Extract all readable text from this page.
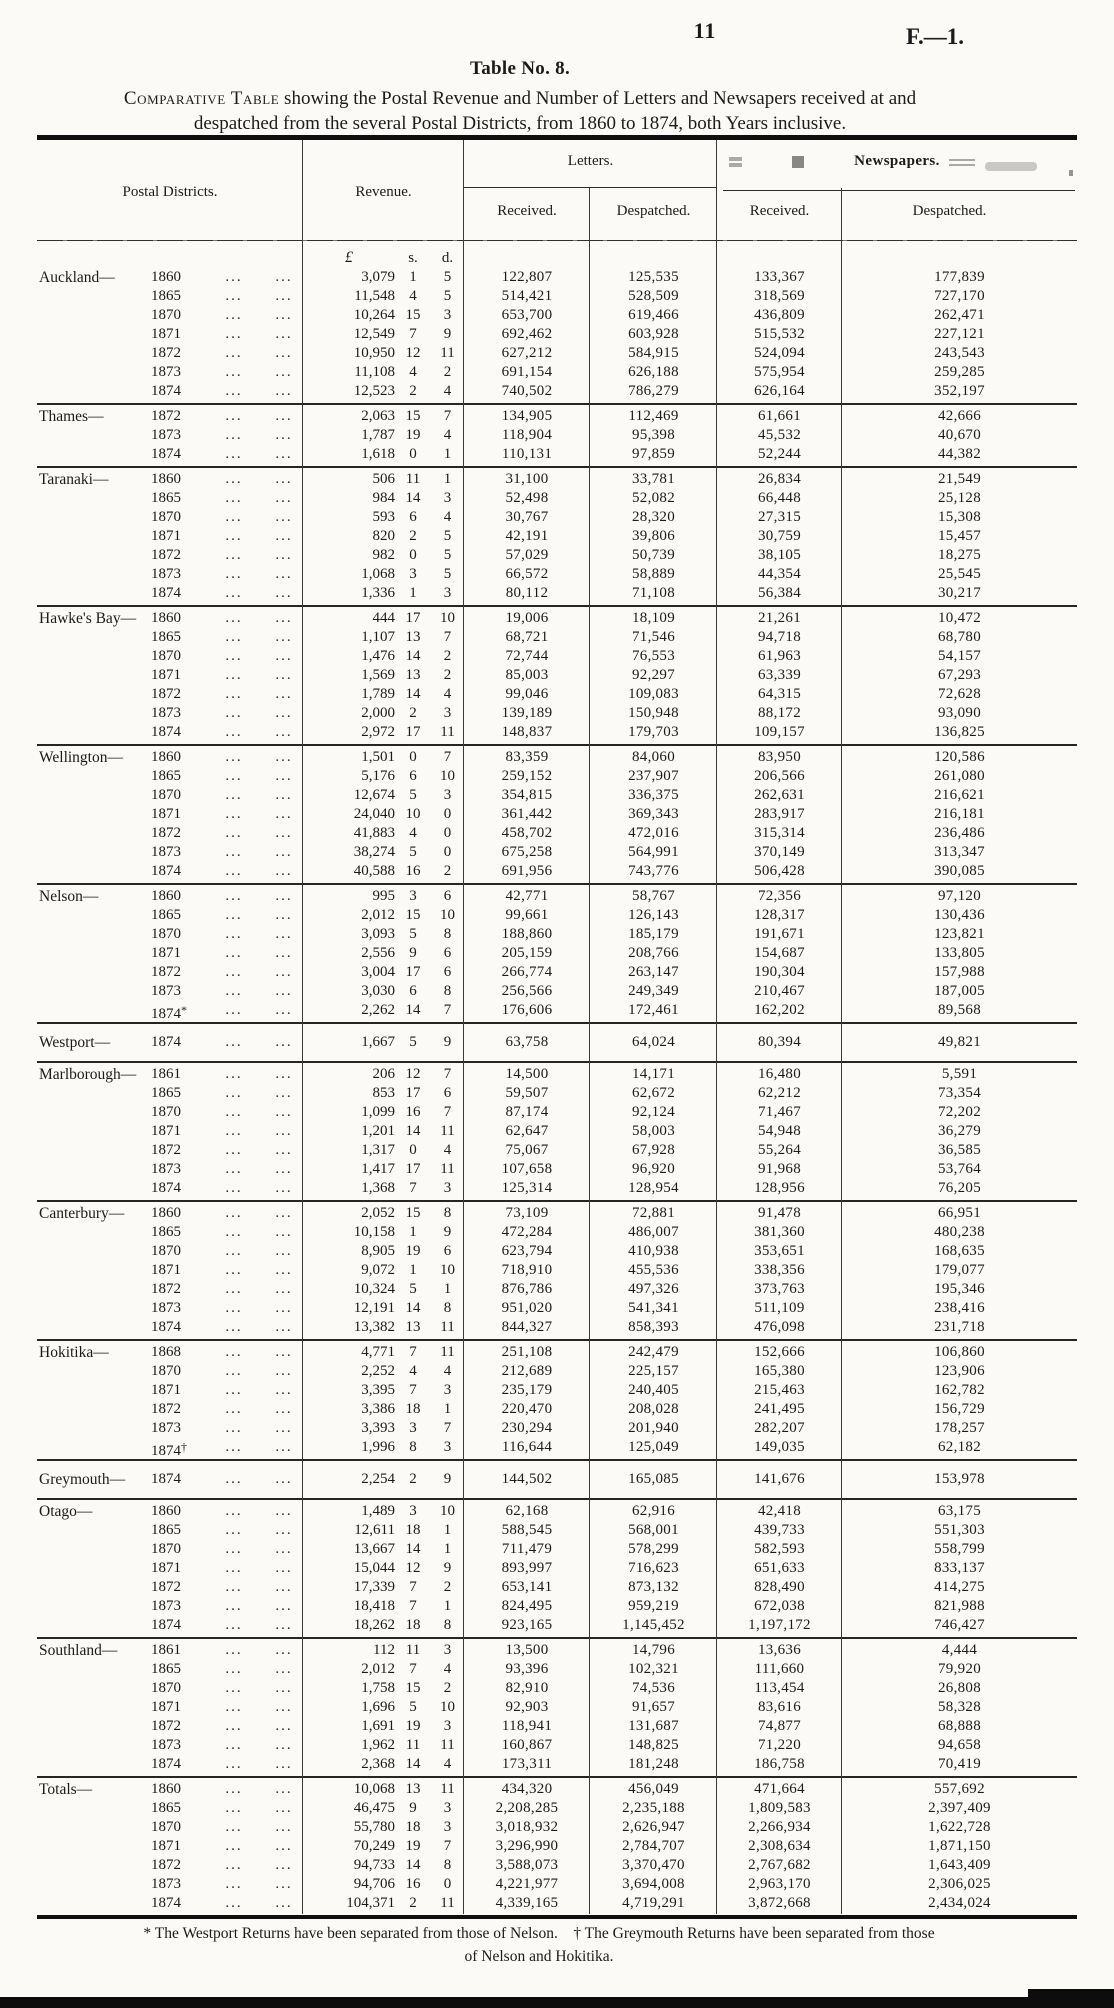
11	F.—1.
Table No. 8.
Comparative Table showing the Postal Revenue and Number of Letters and Newsapers received at and
despatched from the several Postal Districts, from 1860 to 1874, both Years inclusive.
Postal Districts.	Revenue.
Letters.	Newspapers.
Received.	Despatched.	Received.	Despatched.
£	s.	d.
Auckland—	1860	...	...	3,079 1	5	122,807	125,535	133,367	177,839
1865	...	...	11,548 4	5	514,421	528,509	318,569	727,170
1870	...	...	10,264 15	3	653,700	619,466	436,809	262,471
1871	...	...	12,549 7	9	692,462	603,928	515,532	227,121
1872	...	...	10,950 12	11	627,212	584,915	524,094	243,543
1873	...	...	11,108 4	2	691,154	626,188	575,954	259,285
1874	...	...	12,523 2	4	740,502	786,279	626,164	352,197
Thames—	1872	...	...	2,063 15	7	134,905	112,469	61,661	42,666
1873	...	...	1,787 19	4	118,904	95,398	45,532	40,670
1874	...	...	1,618 0	1	110,131	97,859	52,244	44,382
Taranaki—	1860	...	...	506 11	1	31,100	33,781	26,834	21,549
1865	...	...	984 14	3	52,498	52,082	66,448	25,128
1870	...	...	593 6	4	30,767	28,320	27,315	15,308
1871	...	...	820 2	5	42,191	39,806	30,759	15,457
1872	...	...	982 0	5	57,029	50,739	38,105	18,275
1873	...	...	1,068 3	5	66,572	58,889	44,354	25,545
1874	...	...	1,336 1	3	80,112	71,108	56,384	30,217
Hawke's Bay— 1860	...	...	444 17	10	19,006	18,109	21,261	10,472
1865	...	...	1,107 13	7	68,721	71,546	94,718	68,780
1870	...	...	1,476 14	2	72,744	76,553	61,963	54,157
1871	...	...	1,569 13	2	85,003	92,297	63,339	67,293
1872	...	...	1,789 14	4	99,046	109,083	64,315	72,628
1873	...	...	2,000 2	3	139,189	150,948	88,172	93,090
1874	...	...	2,972 17	11	148,837	179,703	109,157	136,825
Wellington—	1860	...	...	1,501 0	7	83,359	84,060	83,950	120,586
1865	...	...	5,176 6	10	259,152	237,907	206,566	261,080
1870	...	...	12,674 5	3	354,815	336,375	262,631	216,621
1871	...	...	24,040 10	0	361,442	369,343	283,917	216,181
1872	...	...	41,883 4	0	458,702	472,016	315,314	236,486
1873	...	...	38,274 5	0	675,258	564,991	370,149	313,347
1874	...	...	40,588 16	2	691,956	743,776	506,428	390,085
Nelson—	1860	...	...	995 3	6	42,771	58,767	72,356	97,120
1865	...	...	2,012 15	10	99,661	126,143	128,317	130,436
1870	...	...	3,093 5	8	188,860	185,179	191,671	123,821
1871	...	...	2,556 9	6	205,159	208,766	154,687	133,805
1872	...	...	3,004 17	6	266,774	263,147	190,304	157,988
1873	...	...	3,030 6	8	256,566	249,349	210,467	187,005
1874*	...	...	2,262 14	7	176,606	172,461	162,202	89,568
Westport—	1874	...	...	1,667 5	9	63,758	64,024	80,394	49,821
Marlborough— 1861	...	...	206 12	7	14,500	14,171	16,480	5,591
1865	...	...	853 17	6	59,507	62,672	62,212	73,354
1870	...	...	1,099 16	7	87,174	92,124	71,467	72,202
1871	...	...	1,201 14	11	62,647	58,003	54,948	36,279
1872	...	...	1,317 0	4	75,067	67,928	55,264	36,585
1873	...	...	1,417 17	11	107,658	96,920	91,968	53,764
1874	...	...	1,368 7	3	125,314	128,954	128,956	76,205
Canterbury—	1860	...	...	2,052 15	8	73,109	72,881	91,478	66,951
1865	...	...	10,158 1	9	472,284	486,007	381,360	480,238
1870	...	...	8,905 19	6	623,794	410,938	353,651	168,635
1871	...	...	9,072 1	10	718,910	455,536	338,356	179,077
1872	...	...	10,324 5	1	876,786	497,326	373,763	195,346
1873	...	...	12,191 14	8	951,020	541,341	511,109	238,416
1874	...	...	13,382 13	11	844,327	858,393	476,098	231,718
Hokitika—	1868	...	...	4,771 7	11	251,108	242,479	152,666	106,860
1870	...	...	2,252 4	4	212,689	225,157	165,380	123,906
1871	...	...	3,395 7	3	235,179	240,405	215,463	162,782
1872	...	...	3,386 18	1	220,470	208,028	241,495	156,729
1873	...	...	3,393 3	7	230,294	201,940	282,207	178,257
1874†	...	...	1,996 8	3	116,644	125,049	149,035	62,182
Greymouth—	1874	...	...	2,254 2	9	144,502	165,085	141,676	153,978
Otago—	1860	...	...	1,489 3	10	62,168	62,916	42,418	63,175
1865	...	...	12,611 18	1	588,545	568,001	439,733	551,303
1870	...	...	13,667 14	1	711,479	578,299	582,593	558,799
1871	...	...	15,044 12	9	893,997	716,623	651,633	833,137
1872	...	...	17,339 7	2	653,141	873,132	828,490	414,275
1873	...	...	18,418 7	1	824,495	959,219	672,038	821,988
1874	...	...	18,262 18	8	923,165	1,145,452	1,197,172	746,427
Southland—	1861	...	...	112 11	3	13,500	14,796	13,636	4,444
1865	...	...	2,012 7	4	93,396	102,321	111,660	79,920
1870	...	...	1,758 15	2	82,910	74,536	113,454	26,808
1871	...	...	1,696 5	10	92,903	91,657	83,616	58,328
1872	...	...	1,691 19	3	118,941	131,687	74,877	68,888
1873	...	...	1,962 11	11	160,867	148,825	71,220	94,658
1874	...	...	2,368 14	4	173,311	181,248	186,758	70,419
Totals—	1860	...	...	10,068 13	11	434,320	456,049	471,664	557,692
1865	...	...	46,475 9	3	2,208,285	2,235,188	1,809,583	2,397,409
1870	...	...	55,780 18	3	3,018,932	2,626,947	2,266,934	1,622,728
1871	...	...	70,249 19	7	3,296,990	2,784,707	2,308,634	1,871,150
1872	...	...	94,733 14	8	3,588,073	3,370,470	2,767,682	1,643,409
1873	...	...	94,706 16	0	4,221,977	3,694,008	2,963,170	2,306,025
1874	...	...	104,371 2	11	4,339,165	4,719,291	3,872,668	2,434,024
* The Westport Returns have been separated from those of Nelson. † The Greymouth Returns have been separated from those
of Nelson and Hokitika.
